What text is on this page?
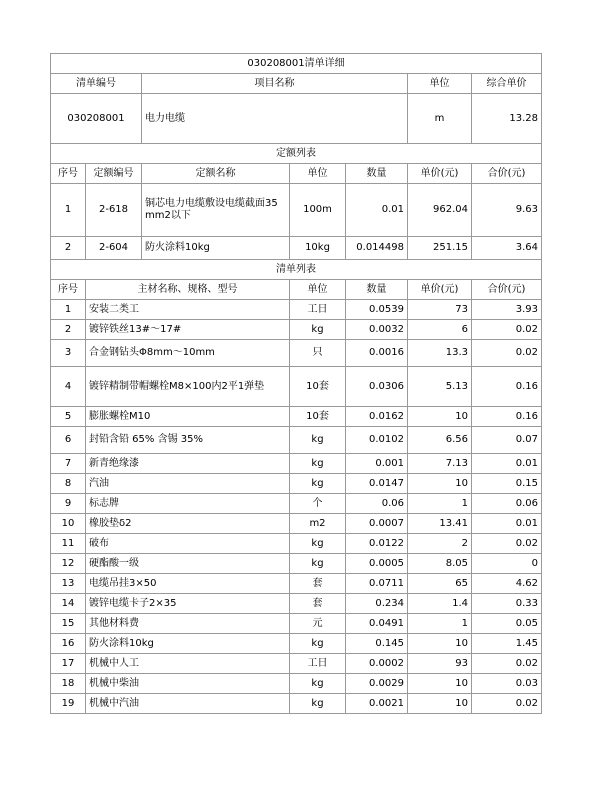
030208001清单详细						
清单编号		项目名称			单位	综合单价
030208001		电力电缆			m	13.28
定额列表						
序号	定额编号	定额名称	单位	数量	单价(元)	合价(元)
1	2-618	铜芯电力电缆敷设电缆截面35mm2以下	100m	0.01	962.04	9.63
2	2-604	防火涂料10kg	10kg	0.014498	251.15	3.64
清单列表						
序号	主材名称、规格、型号		单位	数量	单价(元)	合价(元)
1	安装二类工		工日	0.0539	73	3.93
2	镀锌铁丝13#～17#		kg	0.0032	6	0.02
3	合金钢钻头Φ8mm～10mm		只	0.0016	13.3	0.02
4	镀锌精制带帽螺栓M8×100内2平1弹垫		10套	0.0306	5.13	0.16
5	膨胀螺栓M10		10套	0.0162	10	0.16
6	封铅含铅 65% 含锡 35%		kg	0.0102	6.56	0.07
7	新青绝缘漆		kg	0.001	7.13	0.01
8	汽油		kg	0.0147	10	0.15
9	标志牌		个	0.06	1	0.06
10	橡胶垫δ2		m2	0.0007	13.41	0.01
11	破布		kg	0.0122	2	0.02
12	硬酯酸一级		kg	0.0005	8.05	0
13	电缆吊挂3×50		套	0.0711	65	4.62
14	镀锌电缆卡子2×35		套	0.234	1.4	0.33
15	其他材料费		元	0.0491	1	0.05
16	防火涂料10kg		kg	0.145	10	1.45
17	机械中人工		工日	0.0002	93	0.02
18	机械中柴油		kg	0.0029	10	0.03
19	机械中汽油		kg	0.0021	10	0.02
